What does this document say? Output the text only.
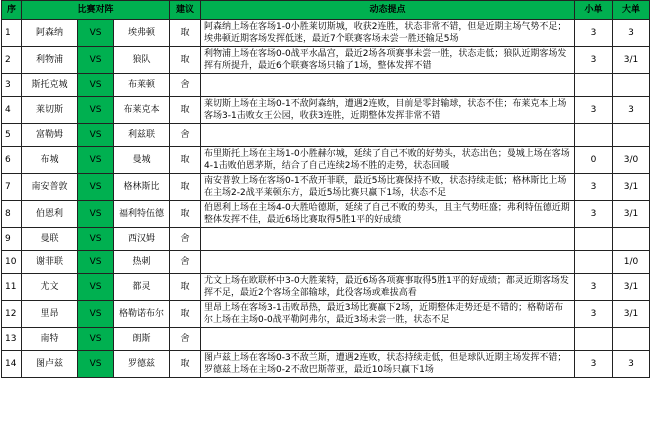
序	比赛对阵			建议	动态提点	小单	大单
1	阿森纳	VS	埃弗顿	取	阿森纳上场在客场1-0小胜莱切斯城，收获2连胜，状态非常不错，但是近期主场气势不足；埃弗顿近期客场发挥低迷，最近7个联赛客场未尝一胜还输足5场	3	3
2	利物浦	VS	狼队	取	利物浦上场在客场0-0战平水晶宫，最近2场各项赛事未尝一胜，状态走低；狼队近期客场发挥有所提升，最近6个联赛客场只输了1场，整体发挥不错	3	3/1
3	斯托克城	VS	布莱顿	舍			
4	莱切斯	VS	布莱克本	取	莱切斯上场在主场0-1不敌阿森纳，遭遇2连败，目前是零封输球，状态不佳；布莱克本上场客场3-1击败女王公园，收获3连胜，近期整体发挥非常不错	3	3
5	富勒姆	VS	利兹联	舍			
6	布城	VS	曼城	取	布里斯托上场在主场1-0小胜赫尔城，延续了自己不败的好势头，状态出色；曼城上场在客场4-1击败伯恩茅斯，结合了自己连续2场不胜的走势，状态回暖	0	3/0
7	南安普敦	VS	格林斯比	取	南安普敦上场在客场0-1不敌开菲联，最近5场比赛保持不败，状态持续走低；格林斯比上场在主场2-2战平莱顿东方，最近5场比赛只赢下1场，状态不足	3	3/1
8	伯恩利	VS	福利特伍德	取	伯恩利上场在主场4-0大胜哈德斯，延续了自己不败的势头，且主气势旺盛；弗利特伍德近期整体发挥不佳，最近6场比赛取得5胜1平的好成绩	3	3/1
9	曼联	VS	西汉姆	舍			
10	谢菲联	VS	热刺	舍			1/0
11	尤文	VS	都灵	取	尤文上场在欧联杯中3-0大胜莱特，最近6场各项赛事取得5胜1平的好成绩；都灵近期客场发挥不足，最近2个客场全部输球，此役客场或难拔高看	3	3/1
12	里昂	VS	格勒诺布尔	取	里昂上场在客场3-1击败昂热，最近3场比赛赢下2场，近期整体走势还是不错的；格勒诺布尔上场在主场0-0战平勒阿弗尔，最近3场未尝一胜，状态不足	3	3/1
13	南特	VS	朗斯	舍			
14	图卢兹	VS	罗德兹	取	图卢兹上场在客场0-3不敌兰斯，遭遇2连败，状态持续走低，但是球队近期主场发挥不错；罗德兹上场在主场0-2不敌巴斯蒂亚，最近10场只赢下1场	3	3
